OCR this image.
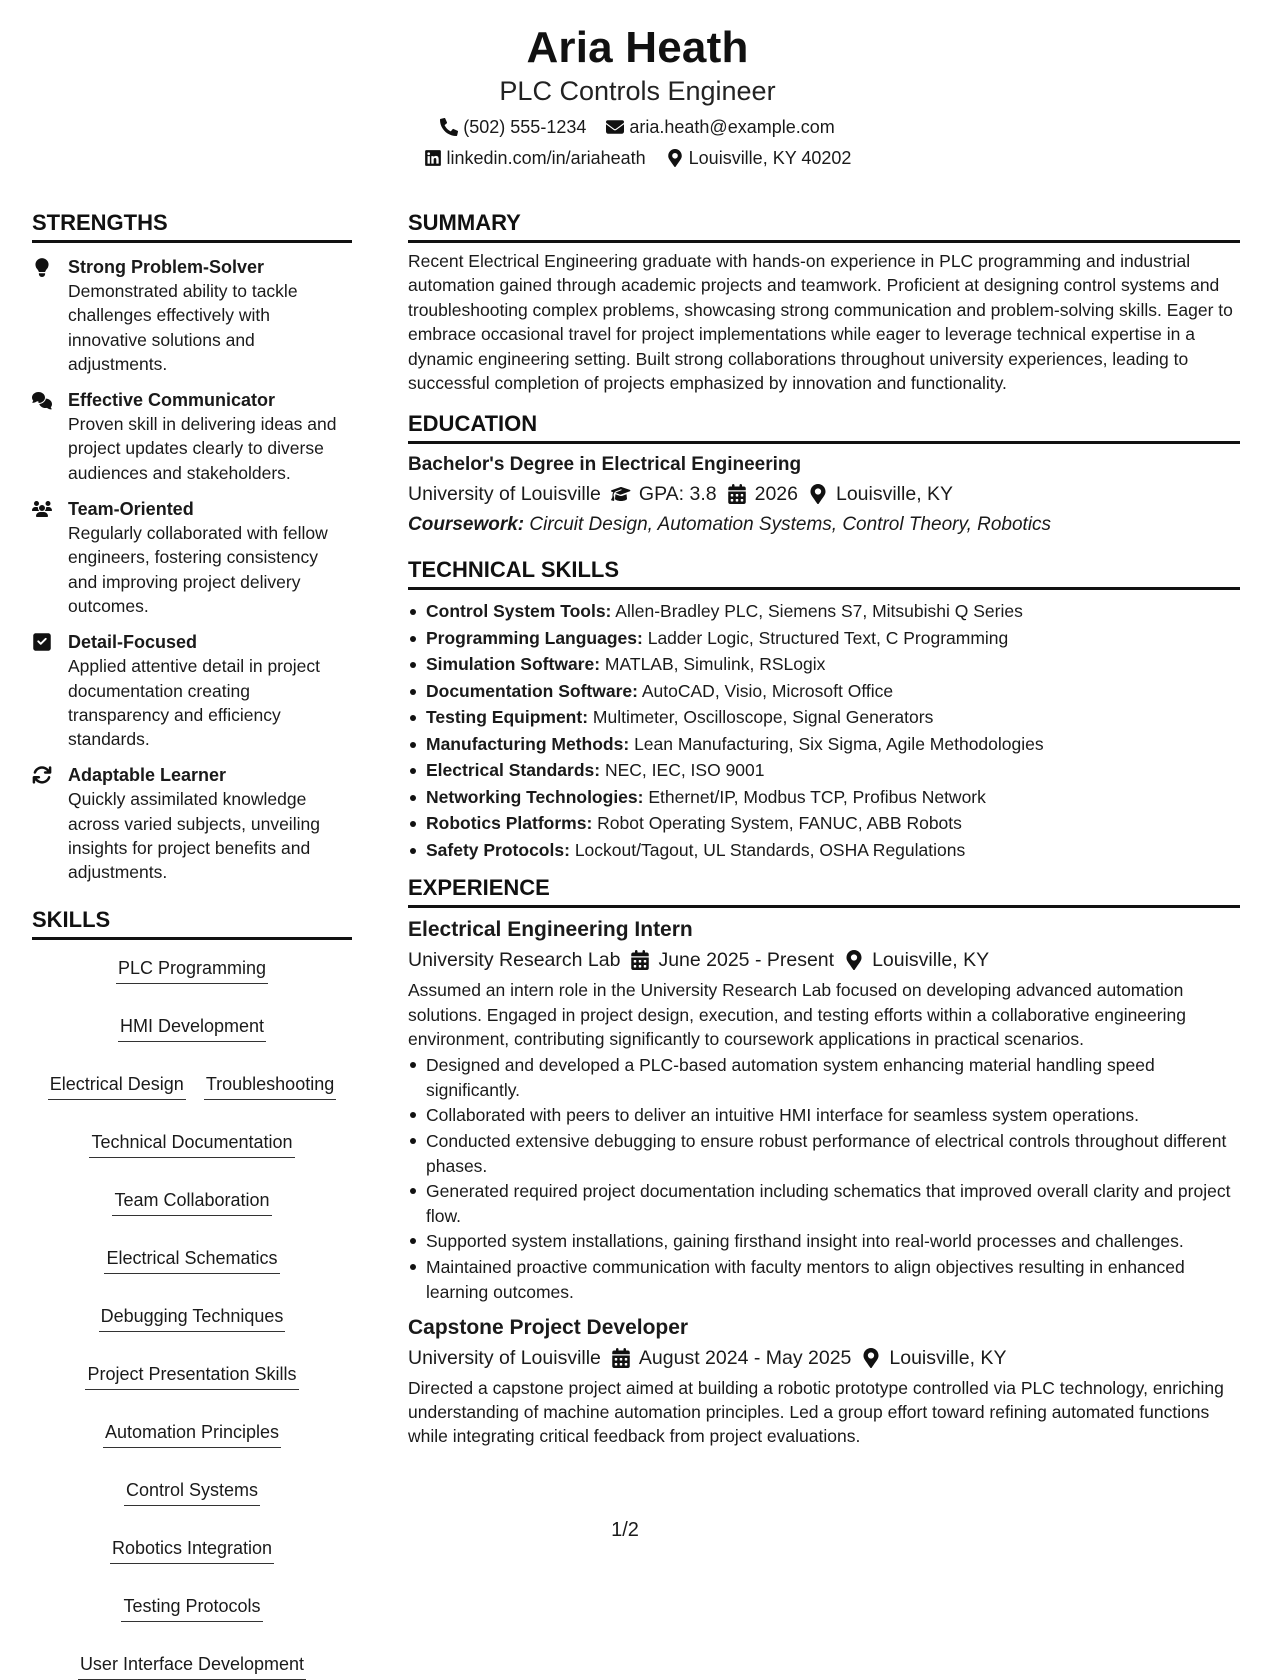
Aria Heath
PLC Controls Engineer
(502) 555-1234 aria.heath@example.com
linkedin.com/in/ariaheath Louisville, KY 40202
STRENGTHS
Strong Problem-Solver
Demonstrated ability to tackle challenges effectively with innovative solutions and adjustments.
Effective Communicator
Proven skill in delivering ideas and project updates clearly to diverse audiences and stakeholders.
Team-Oriented
Regularly collaborated with fellow engineers, fostering consistency and improving project delivery outcomes.
Detail-Focused
Applied attentive detail in project documentation creating transparency and efficiency standards.
Adaptable Learner
Quickly assimilated knowledge across varied subjects, unveiling insights for project benefits and adjustments.
SKILLS
PLC Programming
HMI Development
Electrical Design Troubleshooting
Technical Documentation
Team Collaboration
Electrical Schematics
Debugging Techniques
Project Presentation Skills
Automation Principles
Control Systems
Robotics Integration
Testing Protocols
User Interface Development
SUMMARY
Recent Electrical Engineering graduate with hands-on experience in PLC programming and industrial automation gained through academic projects and teamwork. Proficient at designing control systems and troubleshooting complex problems, showcasing strong communication and problem-solving skills. Eager to embrace occasional travel for project implementations while eager to leverage technical expertise in a dynamic engineering setting. Built strong collaborations throughout university experiences, leading to successful completion of projects emphasized by innovation and functionality.
EDUCATION
Bachelor's Degree in Electrical Engineering
University of Louisville GPA: 3.8 2026 Louisville, KY
Coursework: Circuit Design, Automation Systems, Control Theory, Robotics
TECHNICAL SKILLS
Control System Tools: Allen-Bradley PLC, Siemens S7, Mitsubishi Q Series
Programming Languages: Ladder Logic, Structured Text, C Programming
Simulation Software: MATLAB, Simulink, RSLogix
Documentation Software: AutoCAD, Visio, Microsoft Office
Testing Equipment: Multimeter, Oscilloscope, Signal Generators
Manufacturing Methods: Lean Manufacturing, Six Sigma, Agile Methodologies
Electrical Standards: NEC, IEC, ISO 9001
Networking Technologies: Ethernet/IP, Modbus TCP, Profibus Network
Robotics Platforms: Robot Operating System, FANUC, ABB Robots
Safety Protocols: Lockout/Tagout, UL Standards, OSHA Regulations
EXPERIENCE
Electrical Engineering Intern
University Research Lab June 2025 - Present Louisville, KY
Assumed an intern role in the University Research Lab focused on developing advanced automation solutions. Engaged in project design, execution, and testing efforts within a collaborative engineering environment, contributing significantly to coursework applications in practical scenarios.
Designed and developed a PLC-based automation system enhancing material handling speed significantly.
Collaborated with peers to deliver an intuitive HMI interface for seamless system operations.
Conducted extensive debugging to ensure robust performance of electrical controls throughout different phases.
Generated required project documentation including schematics that improved overall clarity and project flow.
Supported system installations, gaining firsthand insight into real-world processes and challenges.
Maintained proactive communication with faculty mentors to align objectives resulting in enhanced learning outcomes.
Capstone Project Developer
University of Louisville August 2024 - May 2025 Louisville, KY
Directed a capstone project aimed at building a robotic prototype controlled via PLC technology, enriching understanding of machine automation principles. Led a group effort toward refining automated functions while integrating critical feedback from project evaluations.
1/2
